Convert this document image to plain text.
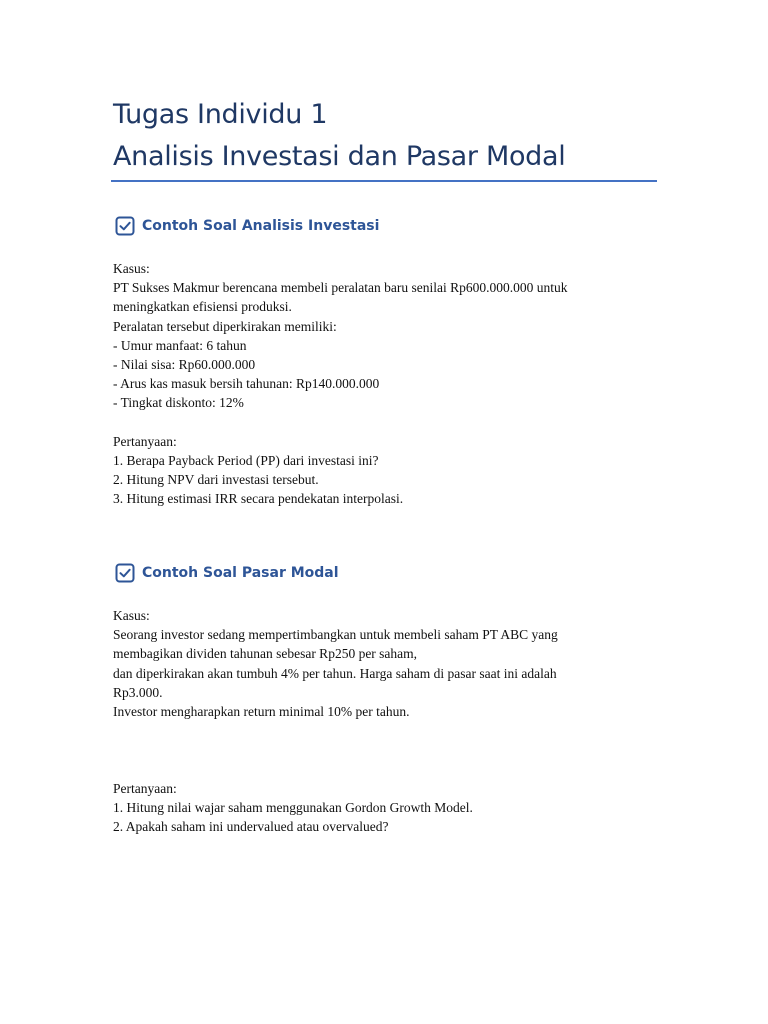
Tugas Individu 1
Analisis Investasi dan Pasar Modal
Contoh Soal Analisis Investasi
Kasus:
PT Sukses Makmur berencana membeli peralatan baru senilai Rp600.000.000 untuk
meningkatkan efisiensi produksi.
Peralatan tersebut diperkirakan memiliki:
- Umur manfaat: 6 tahun
- Nilai sisa: Rp60.000.000
- Arus kas masuk bersih tahunan: Rp140.000.000
- Tingkat diskonto: 12%
Pertanyaan:
1. Berapa Payback Period (PP) dari investasi ini?
2. Hitung NPV dari investasi tersebut.
3. Hitung estimasi IRR secara pendekatan interpolasi.
Contoh Soal Pasar Modal
Kasus:
Seorang investor sedang mempertimbangkan untuk membeli saham PT ABC yang
membagikan dividen tahunan sebesar Rp250 per saham,
dan diperkirakan akan tumbuh 4% per tahun. Harga saham di pasar saat ini adalah
Rp3.000.
Investor mengharapkan return minimal 10% per tahun.
Pertanyaan:
1. Hitung nilai wajar saham menggunakan Gordon Growth Model.
2. Apakah saham ini undervalued atau overvalued?
